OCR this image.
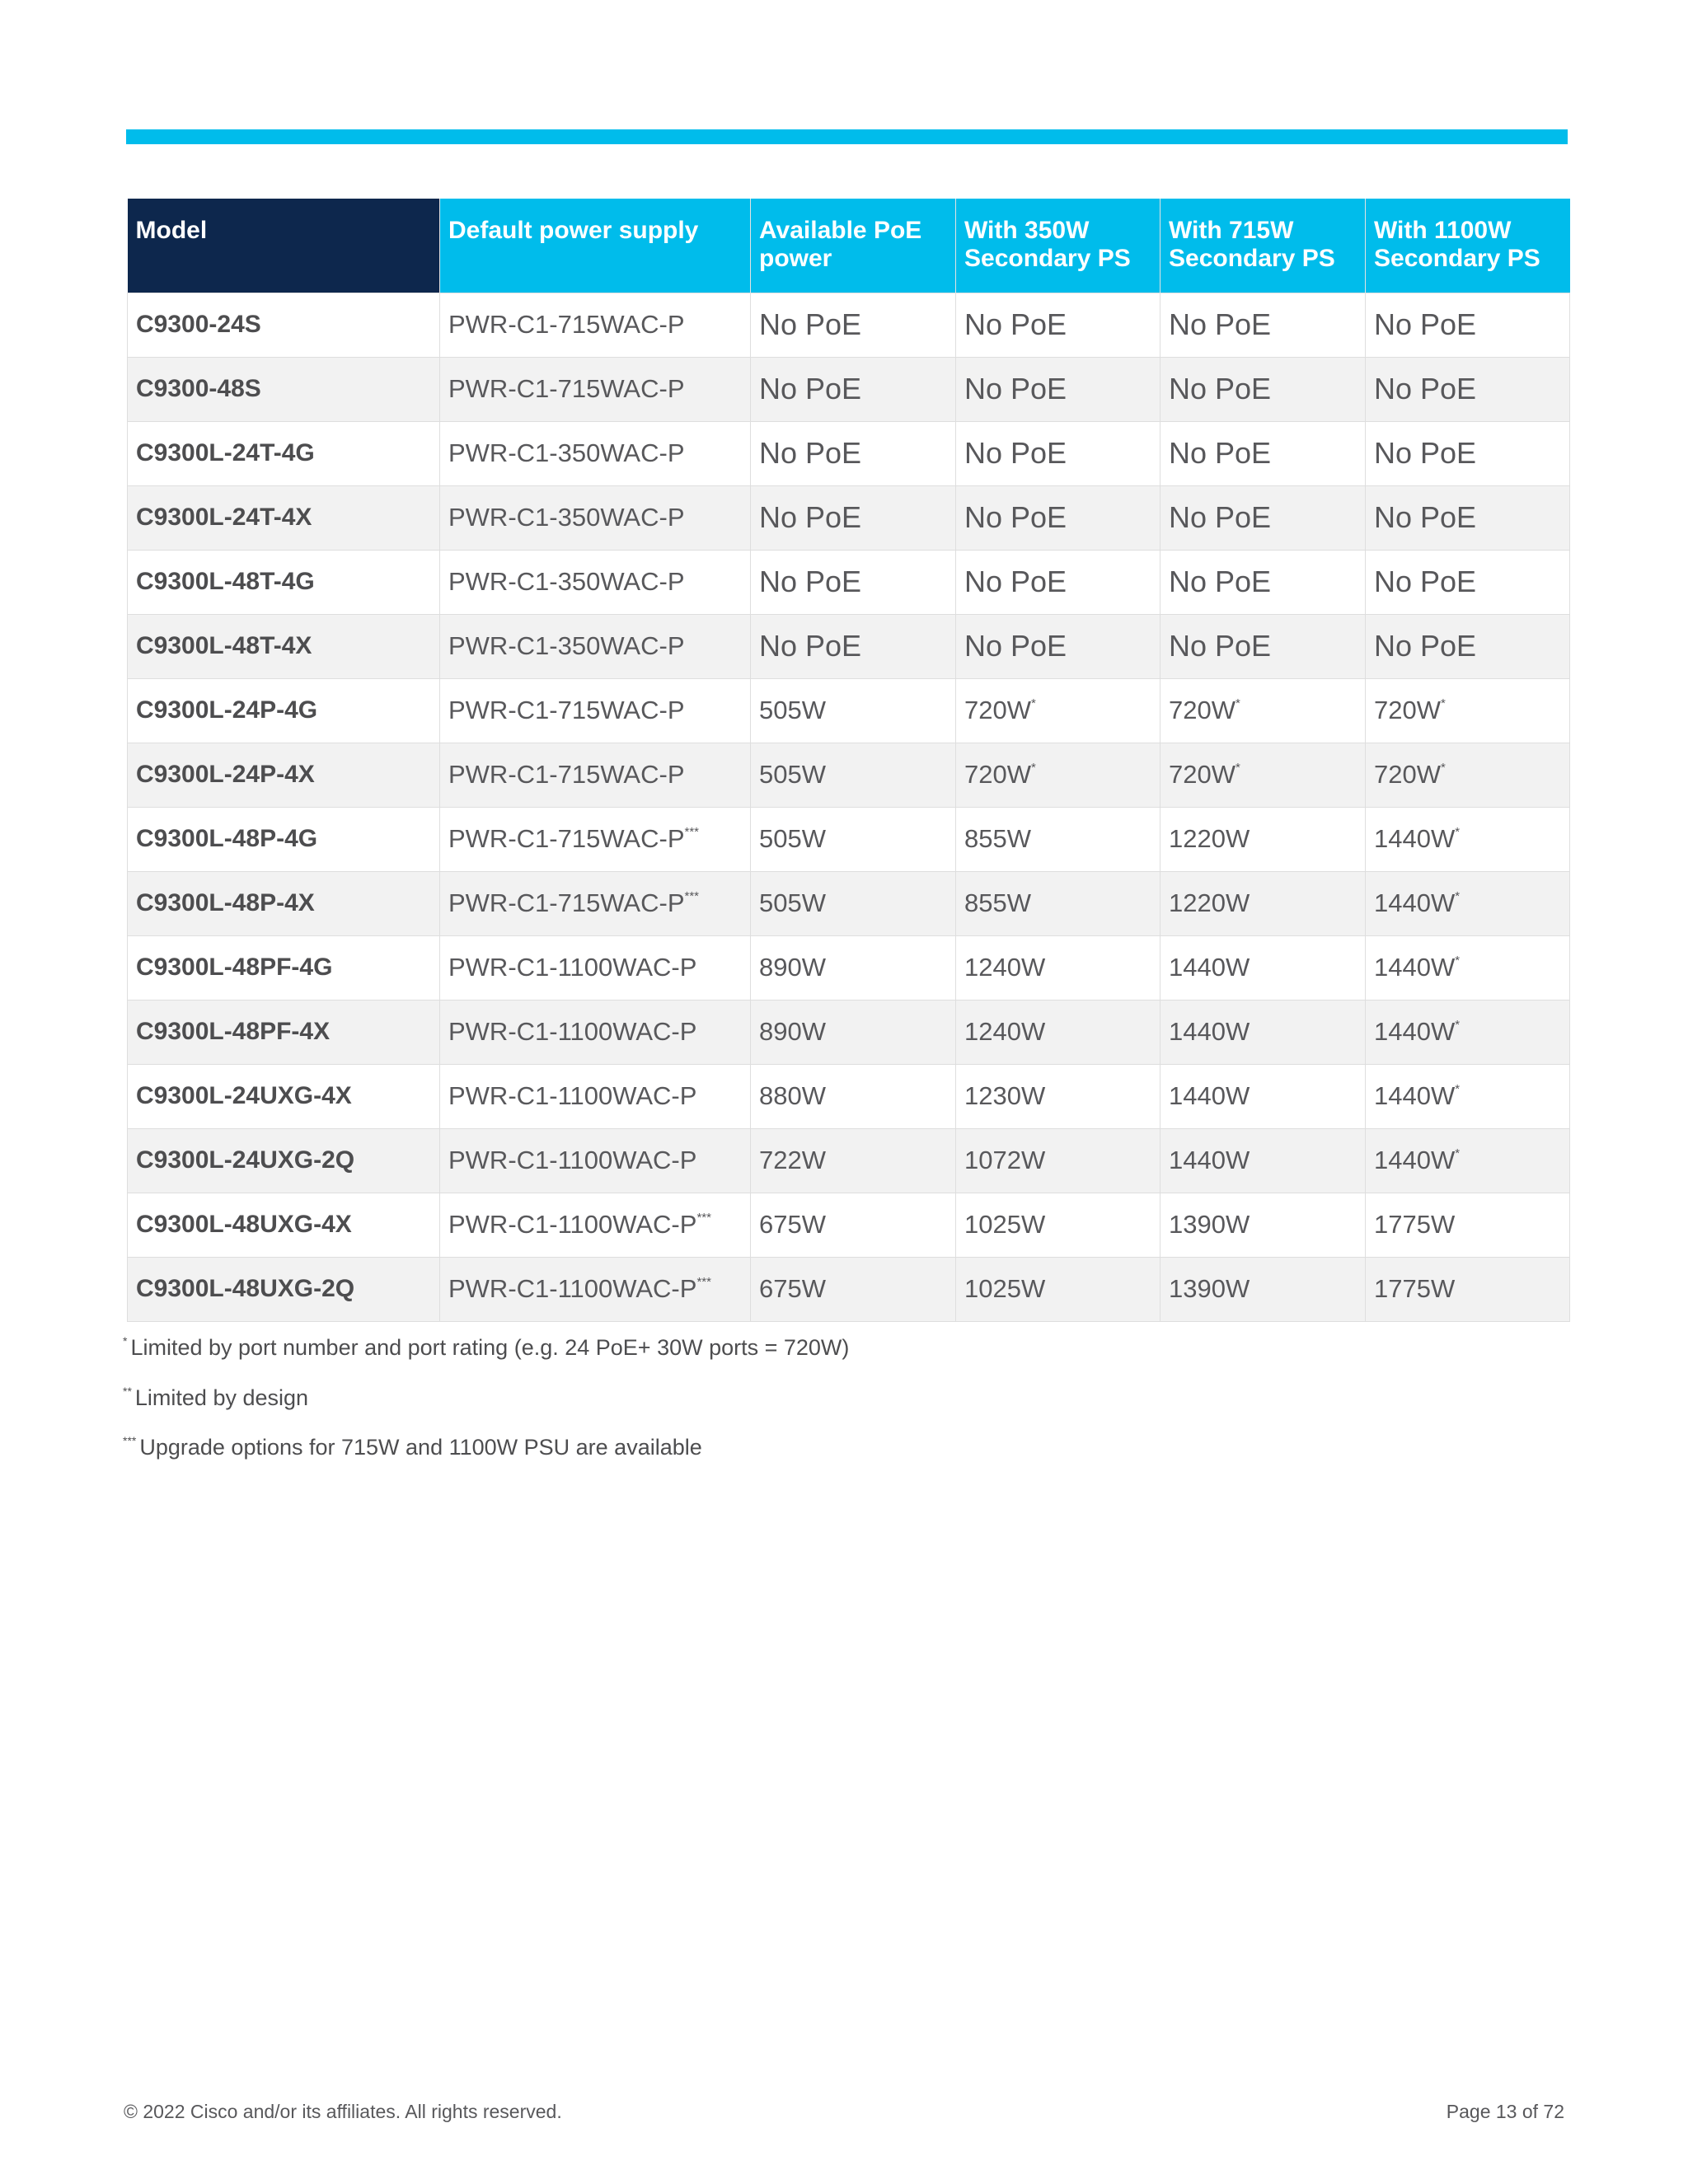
Model	Default power supply	Available PoE power	With 350W Secondary PS	With 715W Secondary PS	With 1100W Secondary PS
C9300-24S	PWR-C1-715WAC-P	No PoE	No PoE	No PoE	No PoE
C9300-48S	PWR-C1-715WAC-P	No PoE	No PoE	No PoE	No PoE
C9300L-24T-4G	PWR-C1-350WAC-P	No PoE	No PoE	No PoE	No PoE
C9300L-24T-4X	PWR-C1-350WAC-P	No PoE	No PoE	No PoE	No PoE
C9300L-48T-4G	PWR-C1-350WAC-P	No PoE	No PoE	No PoE	No PoE
C9300L-48T-4X	PWR-C1-350WAC-P	No PoE	No PoE	No PoE	No PoE
C9300L-24P-4G	PWR-C1-715WAC-P	505W	720W*	720W*	720W*
C9300L-24P-4X	PWR-C1-715WAC-P	505W	720W*	720W*	720W*
C9300L-48P-4G	PWR-C1-715WAC-P***	505W	855W	1220W	1440W*
C9300L-48P-4X	PWR-C1-715WAC-P***	505W	855W	1220W	1440W*
C9300L-48PF-4G	PWR-C1-1100WAC-P	890W	1240W	1440W	1440W*
C9300L-48PF-4X	PWR-C1-1100WAC-P	890W	1240W	1440W	1440W*
C9300L-24UXG-4X	PWR-C1-1100WAC-P	880W	1230W	1440W	1440W*
C9300L-24UXG-2Q	PWR-C1-1100WAC-P	722W	1072W	1440W	1440W*
C9300L-48UXG-4X	PWR-C1-1100WAC-P***	675W	1025W	1390W	1775W
C9300L-48UXG-2Q	PWR-C1-1100WAC-P***	675W	1025W	1390W	1775W
* Limited by port number and port rating (e.g. 24 PoE+ 30W ports = 720W)
** Limited by design
*** Upgrade options for 715W and 1100W PSU are available
© 2022 Cisco and/or its affiliates. All rights reserved.	Page 13 of 72
